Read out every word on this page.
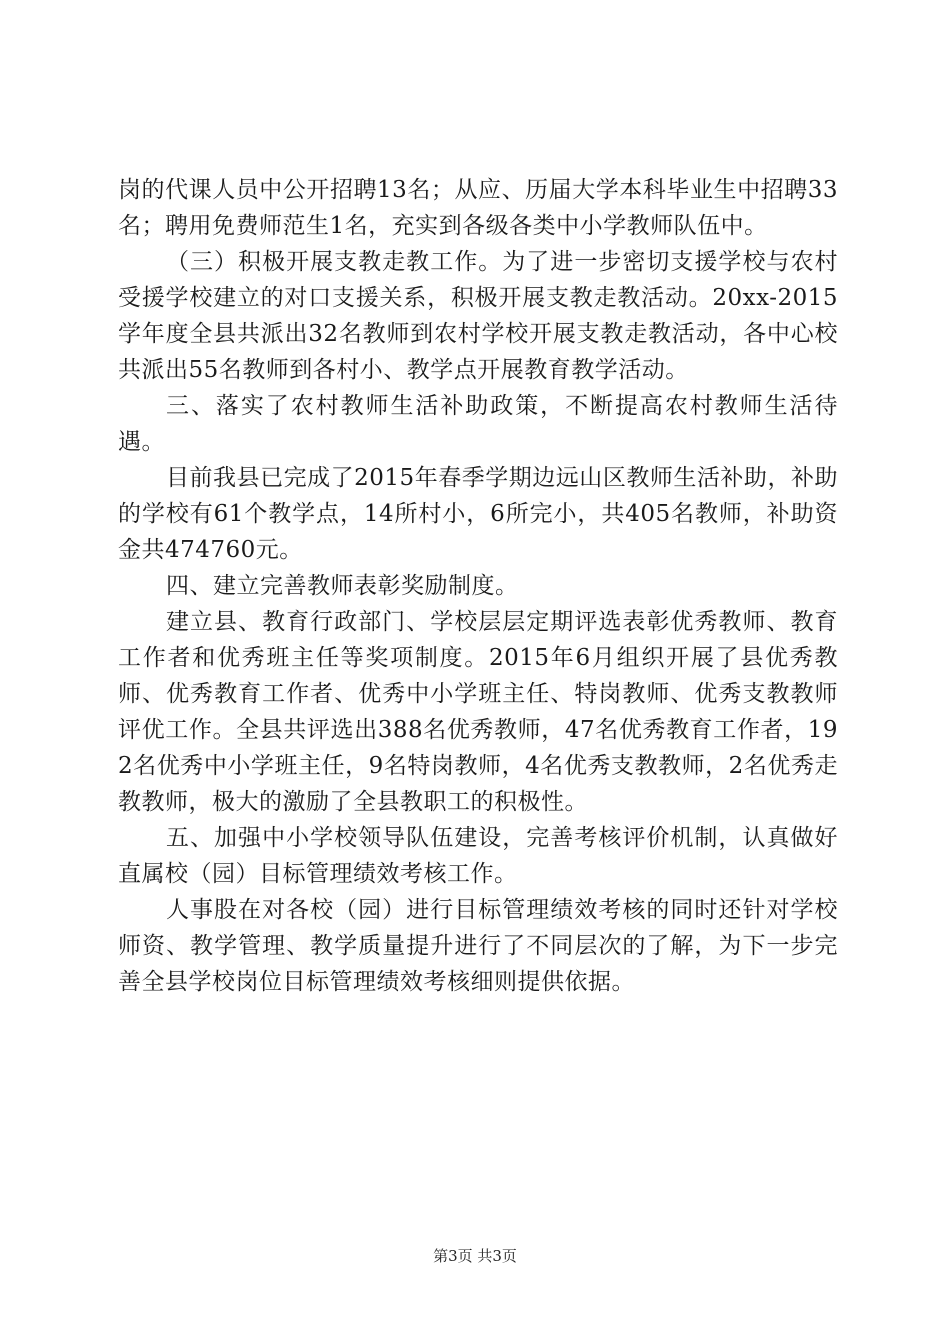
岗的代课人员中公开招聘13名；从应、历届大学本科毕业生中招聘33名；聘用免费师范生1名，充实到各级各类中小学教师队伍中。

（三）积极开展支教走教工作。为了进一步密切支援学校与农村受援学校建立的对口支援关系，积极开展支教走教活动。20xx-2015学年度全县共派出32名教师到农村学校开展支教走教活动，各中心校共派出55名教师到各村小、教学点开展教育教学活动。

三、落实了农村教师生活补助政策，不断提高农村教师生活待遇。

目前我县已完成了2015年春季学期边远山区教师生活补助，补助的学校有61个教学点，14所村小，6所完小，共405名教师，补助资金共474760元。

四、建立完善教师表彰奖励制度。

建立县、教育行政部门、学校层层定期评选表彰优秀教师、教育工作者和优秀班主任等奖项制度。2015年6月组织开展了县优秀教师、优秀教育工作者、优秀中小学班主任、特岗教师、优秀支教教师评优工作。全县共评选出388名优秀教师，47名优秀教育工作者，192名优秀中小学班主任，9名特岗教师，4名优秀支教教师，2名优秀走教教师，极大的激励了全县教职工的积极性。

五、加强中小学校领导队伍建设，完善考核评价机制，认真做好直属校（园）目标管理绩效考核工作。

人事股在对各校（园）进行目标管理绩效考核的同时还针对学校师资、教学管理、教学质量提升进行了不同层次的了解，为下一步完善全县学校岗位目标管理绩效考核细则提供依据。

第3页 共3页
